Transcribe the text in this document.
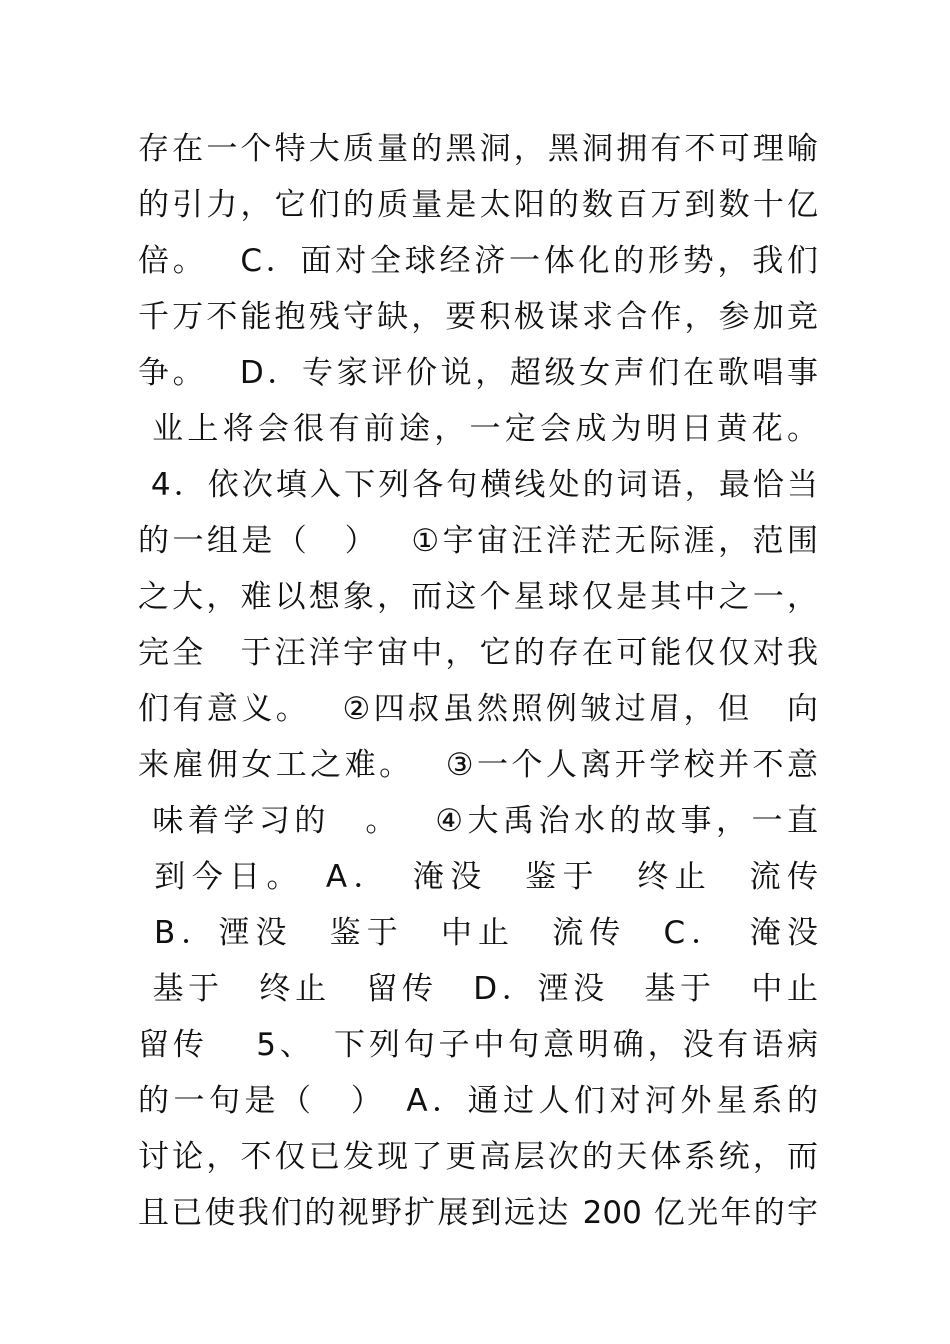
存在一个特大质量的黑洞，黑洞拥有不可理喻
的引力，它们的质量是太阳的数百万到数十亿
倍。　 C．面对全球经济一体化的形势，我们
千万不能抱残守缺，要积极谋求合作，参加竞
争。　 D．专家评价说，超级女声们在歌唱事
业上将会很有前途，一定会成为明日黄花。
4．依次填入下列各句横线处的词语，最恰当
的一组是（　）　 ①宇宙汪洋茫无际涯，范围
之大，难以想象，而这个星球仅是其中之一，
完全　于汪洋宇宙中，它的存在可能仅仅对我
们有意义。　 ②四叔虽然照例皱过眉，但　向
来雇佣女工之难。　 ③一个人离开学校并不意
味着学习的　。　 ④大禹治水的故事，一直
到今日。　A．　淹没　鉴于　终止　流传
B．湮没　鉴于　中止　流传　C．　淹没
基于　终止　留传　D．湮没　基于　中止
留传　 5、　下列句子中句意明确，没有语病
的一句是（　）　A．通过人们对河外星系的
讨论，不仅已发现了更高层次的天体系统，而
且已使我们的视野扩展到远达 200 亿光年的宇
